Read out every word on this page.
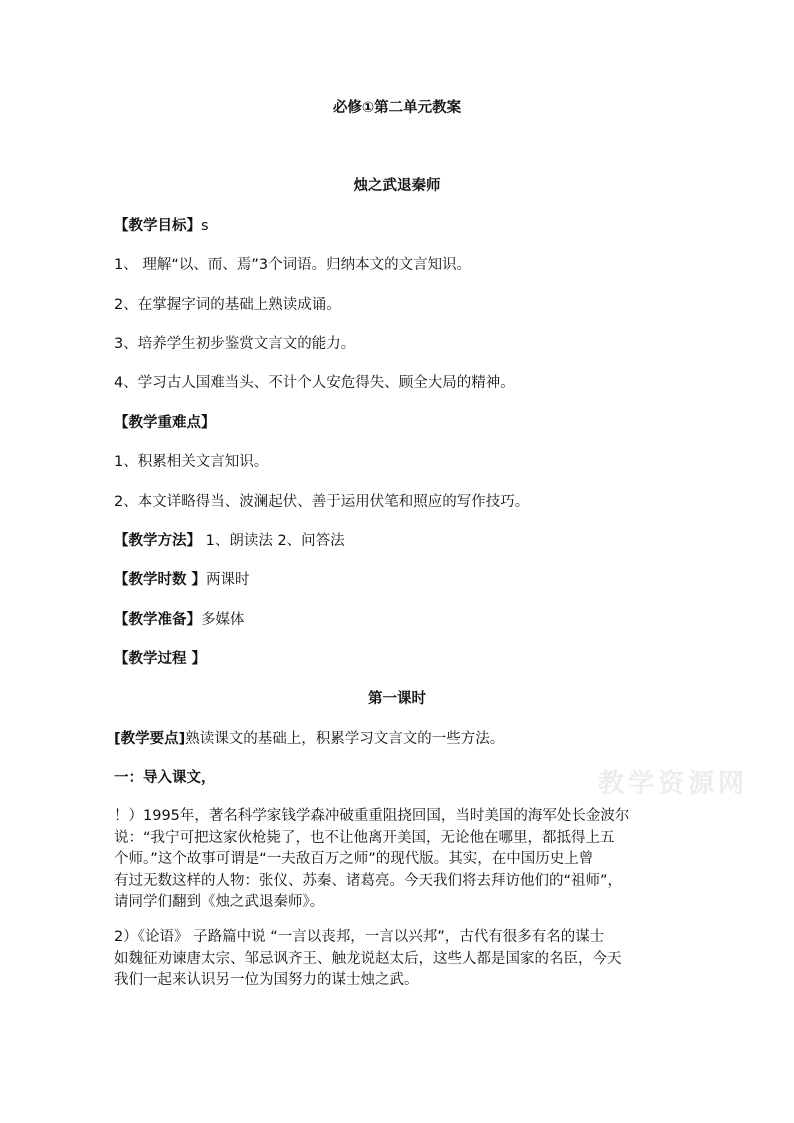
必修①第二单元教案
烛之武退秦师
【教学目标】s
1、 理解“以、而、焉”3个词语。归纳本文的文言知识。
2、在掌握字词的基础上熟读成诵。
3、培养学生初步鉴赏文言文的能力。
4、学习古人国难当头、不计个人安危得失、顾全大局的精神。
【教学重难点】
1、积累相关文言知识。
2、本文详略得当、波澜起伏、善于运用伏笔和照应的写作技巧。
【教学方法】 1、朗读法 2、问答法
【教学时数 】两课时
【教学准备】多媒体
【教学过程 】
第一课时
[教学要点]熟读课文的基础上，积累学习文言文的一些方法。
一：导入课文，	教学资源网
！）1995年，著名科学家钱学森冲破重重阻挠回国，当时美国的海军处长金波尔
说：“我宁可把这家伙枪毙了，也不让他离开美国，无论他在哪里，都抵得上五
个师。”这个故事可谓是“一夫敌百万之师”的现代版。其实，在中国历史上曾
有过无数这样的人物：张仪、苏秦、诸葛亮。今天我们将去拜访他们的“祖师”，
请同学们翻到《烛之武退秦师》。
2）《论语》 子路篇中说 “一言以丧邦，一言以兴邦”，古代有很多有名的谋士
如魏征劝谏唐太宗、邹忌讽齐王、触龙说赵太后，这些人都是国家的名臣，今天
我们一起来认识另一位为国努力的谋士烛之武。
